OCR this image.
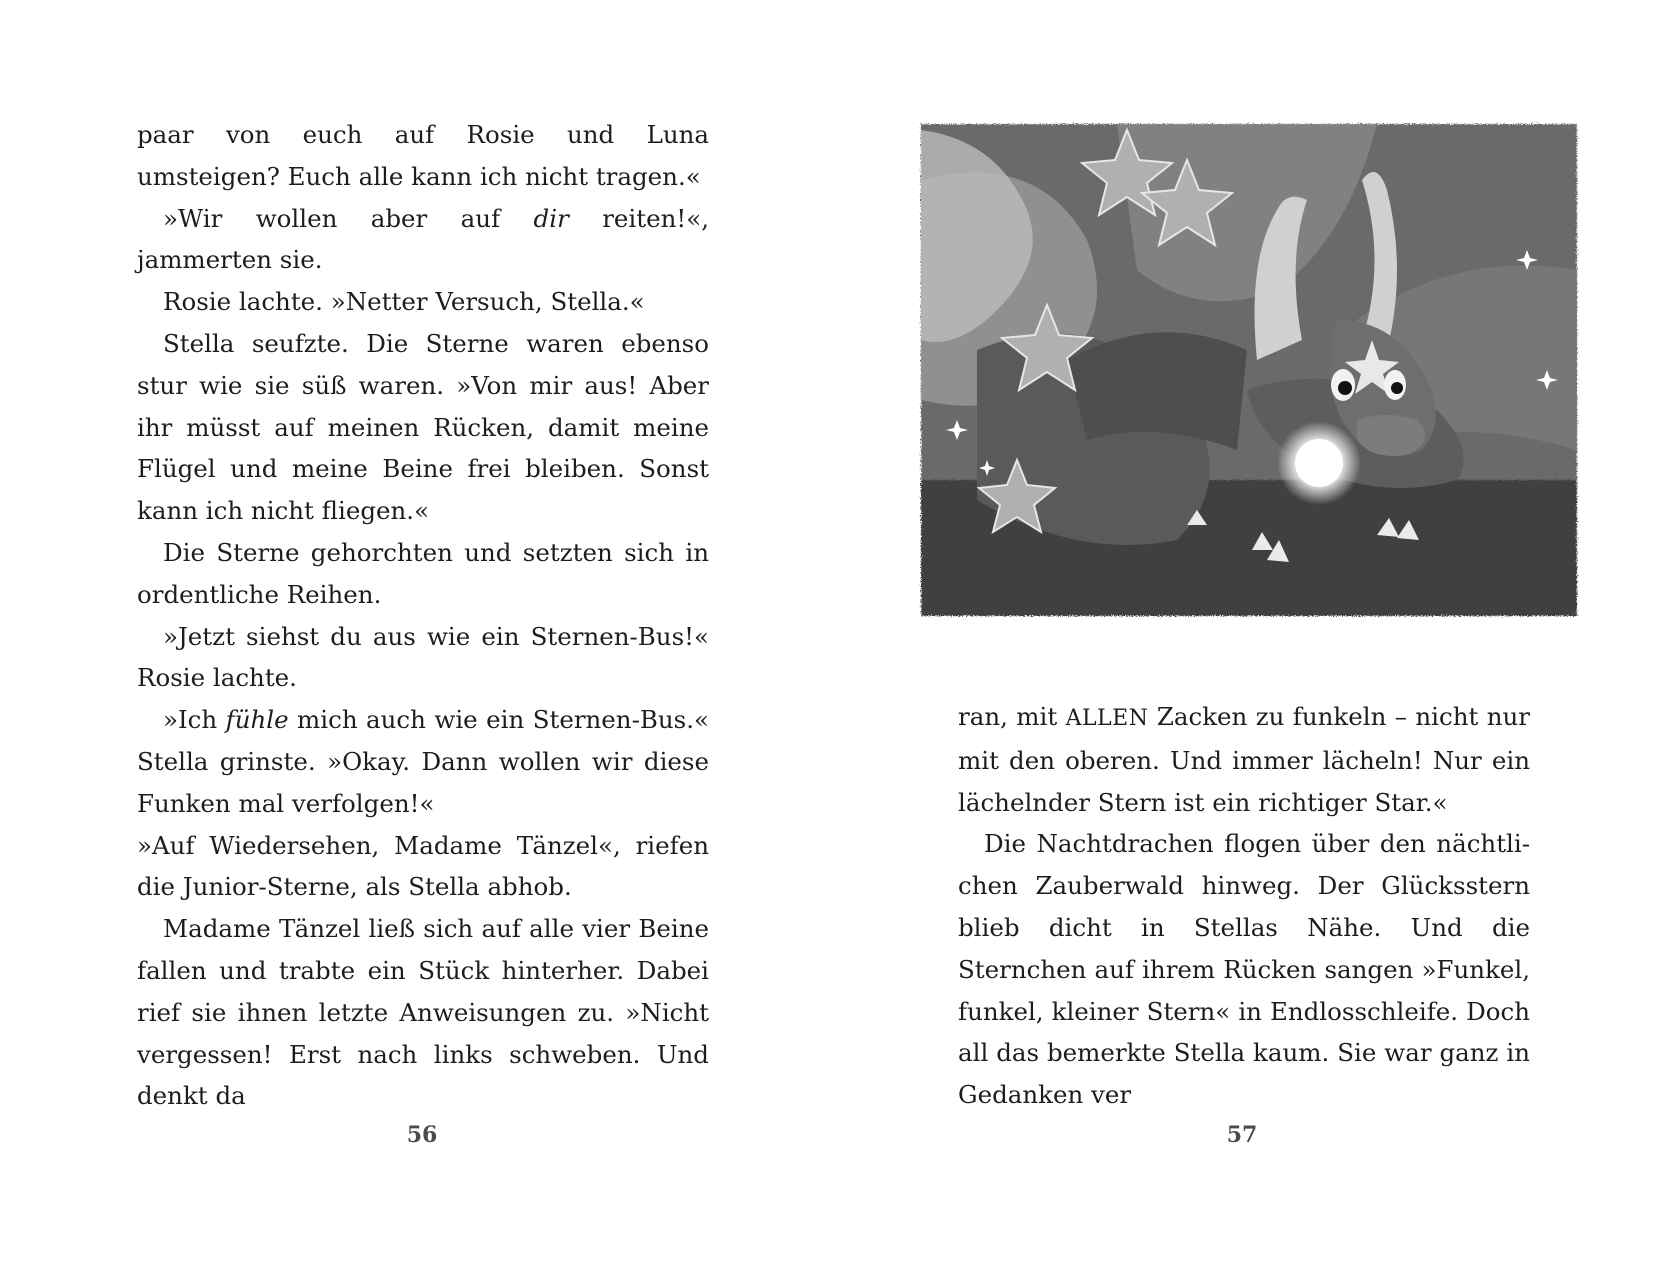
paar von euch auf Rosie und Luna umsteigen? Euch alle kann ich nicht tragen.«

»Wir wollen aber auf dir reiten!«, jammerten sie.

Rosie lachte. »Netter Versuch, Stella.«

Stella seufzte. Die Sterne waren ebenso stur wie sie süß waren. »Von mir aus! Aber ihr müsst auf meinen Rücken, damit meine Flügel und meine Beine frei bleiben. Sonst kann ich nicht fliegen.«

Die Sterne gehorchten und setzten sich in ordentliche Reihen.

»Jetzt siehst du aus wie ein Sternen-Bus!« Rosie lachte.

»Ich fühle mich auch wie ein Sternen-Bus.« Stella grinste. »Okay. Dann wollen wir diese Funken mal verfolgen!«

»Auf Wiedersehen, Madame Tänzel«, riefen die Junior-Sterne, als Stella abhob.

Madame Tänzel ließ sich auf alle vier Beine fallen und trabte ein Stück hinterher. Dabei rief sie ihnen letzte Anweisungen zu. »Nicht vergessen! Erst nach links schweben. Und denkt da

56

ran, mit ALLEN Zacken zu funkeln – nicht nur mit den oberen. Und immer lächeln! Nur ein lächelnder Stern ist ein richtiger Star.«

Die Nachtdrachen flogen über den nächtlichen Zauberwald hinweg. Der Glücksstern blieb dicht in Stellas Nähe. Und die Sternchen auf ihrem Rücken sangen »Funkel, funkel, kleiner Stern« in Endlosschleife. Doch all das bemerkte Stella kaum. Sie war ganz in Gedanken ver

57
